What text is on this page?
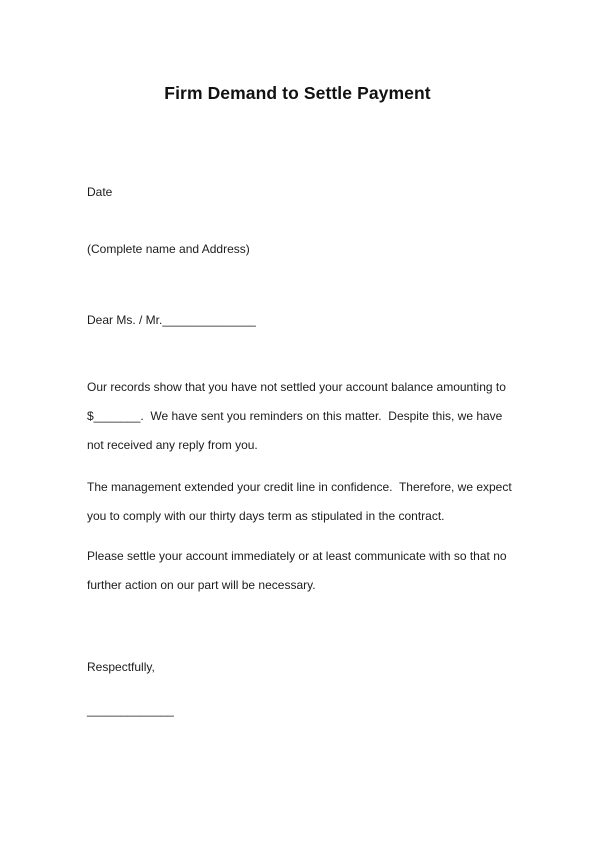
Firm Demand to Settle Payment
Date
(Complete name and Address)
Dear Ms. / Mr.______________
Our records show that you have not settled your account balance amounting to
$_______.  We have sent you reminders on this matter.  Despite this, we have
not received any reply from you.
The management extended your credit line in confidence.  Therefore, we expect
you to comply with our thirty days term as stipulated in the contract.
Please settle your account immediately or at least communicate with so that no
further action on our part will be necessary.
Respectfully,
_____________
